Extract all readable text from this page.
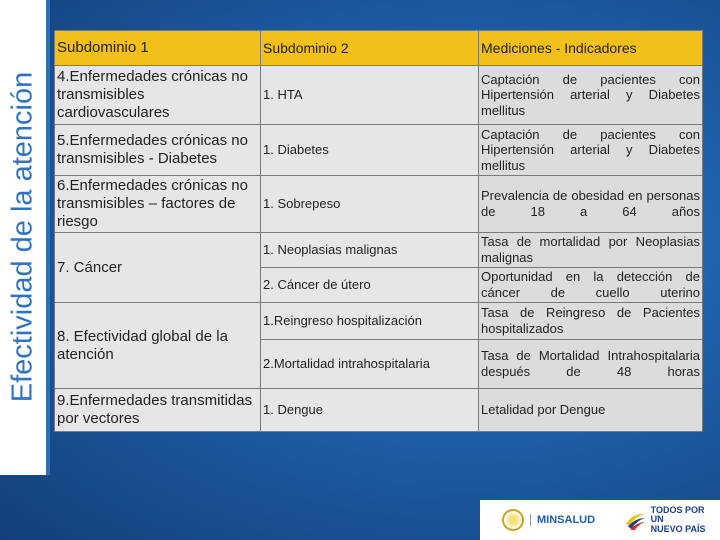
Efectividad de la atención
Subdominio 1	Subdominio 2	Mediciones - Indicadores
4.Enfermedades crónicas no transmisibles cardiovasculares	1. HTA	Captación de pacientes con Hipertensión arterial y Diabetes mellitus
5.Enfermedades crónicas no transmisibles - Diabetes	1. Diabetes	Captación de pacientes con Hipertensión arterial y Diabetes mellitus
6.Enfermedades crónicas no transmisibles – factores de riesgo	1. Sobrepeso	Prevalencia de obesidad en personas de 18 a 64 años
7. Cáncer	1. Neoplasias malignas	Tasa de mortalidad por Neoplasias malignas
	2. Cáncer de útero	Oportunidad en la detección de cáncer de cuello uterino
8. Efectividad global de la atención	1.Reingreso hospitalización	Tasa de Reingreso de Pacientes hospitalizados
	2.Mortalidad intrahospitalaria	Tasa de Mortalidad Intrahospitalaria después de 48 horas
9.Enfermedades transmitidas por vectores	1. Dengue	Letalidad por Dengue
MINSALUD
TODOS POR UN
NUEVO PAÍS
